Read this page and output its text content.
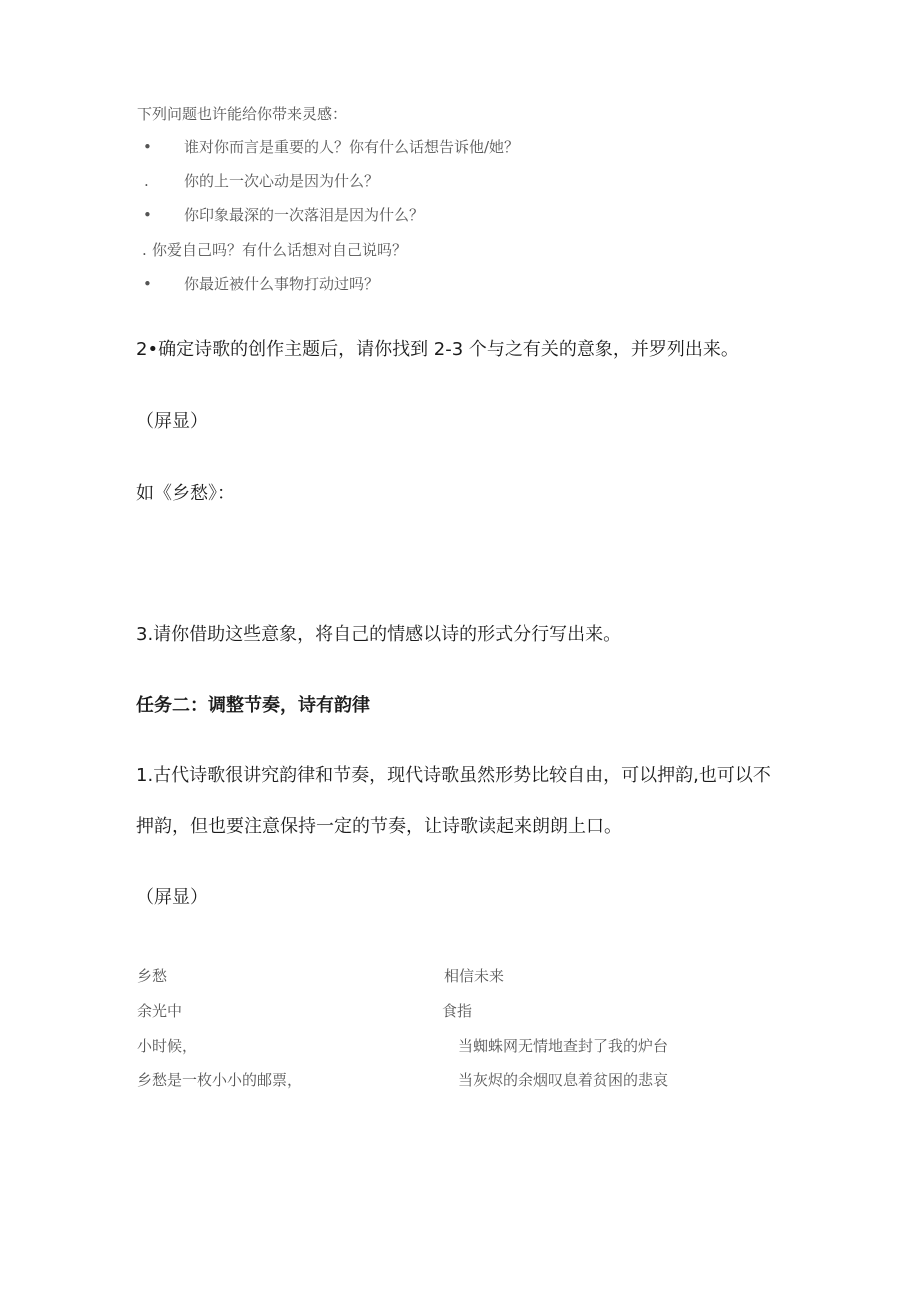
下列问题也许能给你带来灵感：
• 谁对你而言是重要的人？你有什么话想告诉他/她？
. 你的上一次心动是因为什么？
• 你印象最深的一次落泪是因为什么？
. 你爱自己吗？有什么话想对自己说吗？
• 你最近被什么事物打动过吗？
2•确定诗歌的创作主题后，请你找到 2-3 个与之有关的意象，并罗列出来。
（屏显）
如《乡愁》：
3.请你借助这些意象，将自己的情感以诗的形式分行写出来。
任务二：调整节奏，诗有韵律
1.古代诗歌很讲究韵律和节奏，现代诗歌虽然形势比较自由，可以押韵,也可以不
押韵，但也要注意保持一定的节奏，让诗歌读起来朗朗上口。
（屏显）
乡愁
余光中
小时候，
乡愁是一枚小小的邮票，
相信未来
食指
当蜘蛛网无情地查封了我的炉台
当灰烬的余烟叹息着贫困的悲哀
